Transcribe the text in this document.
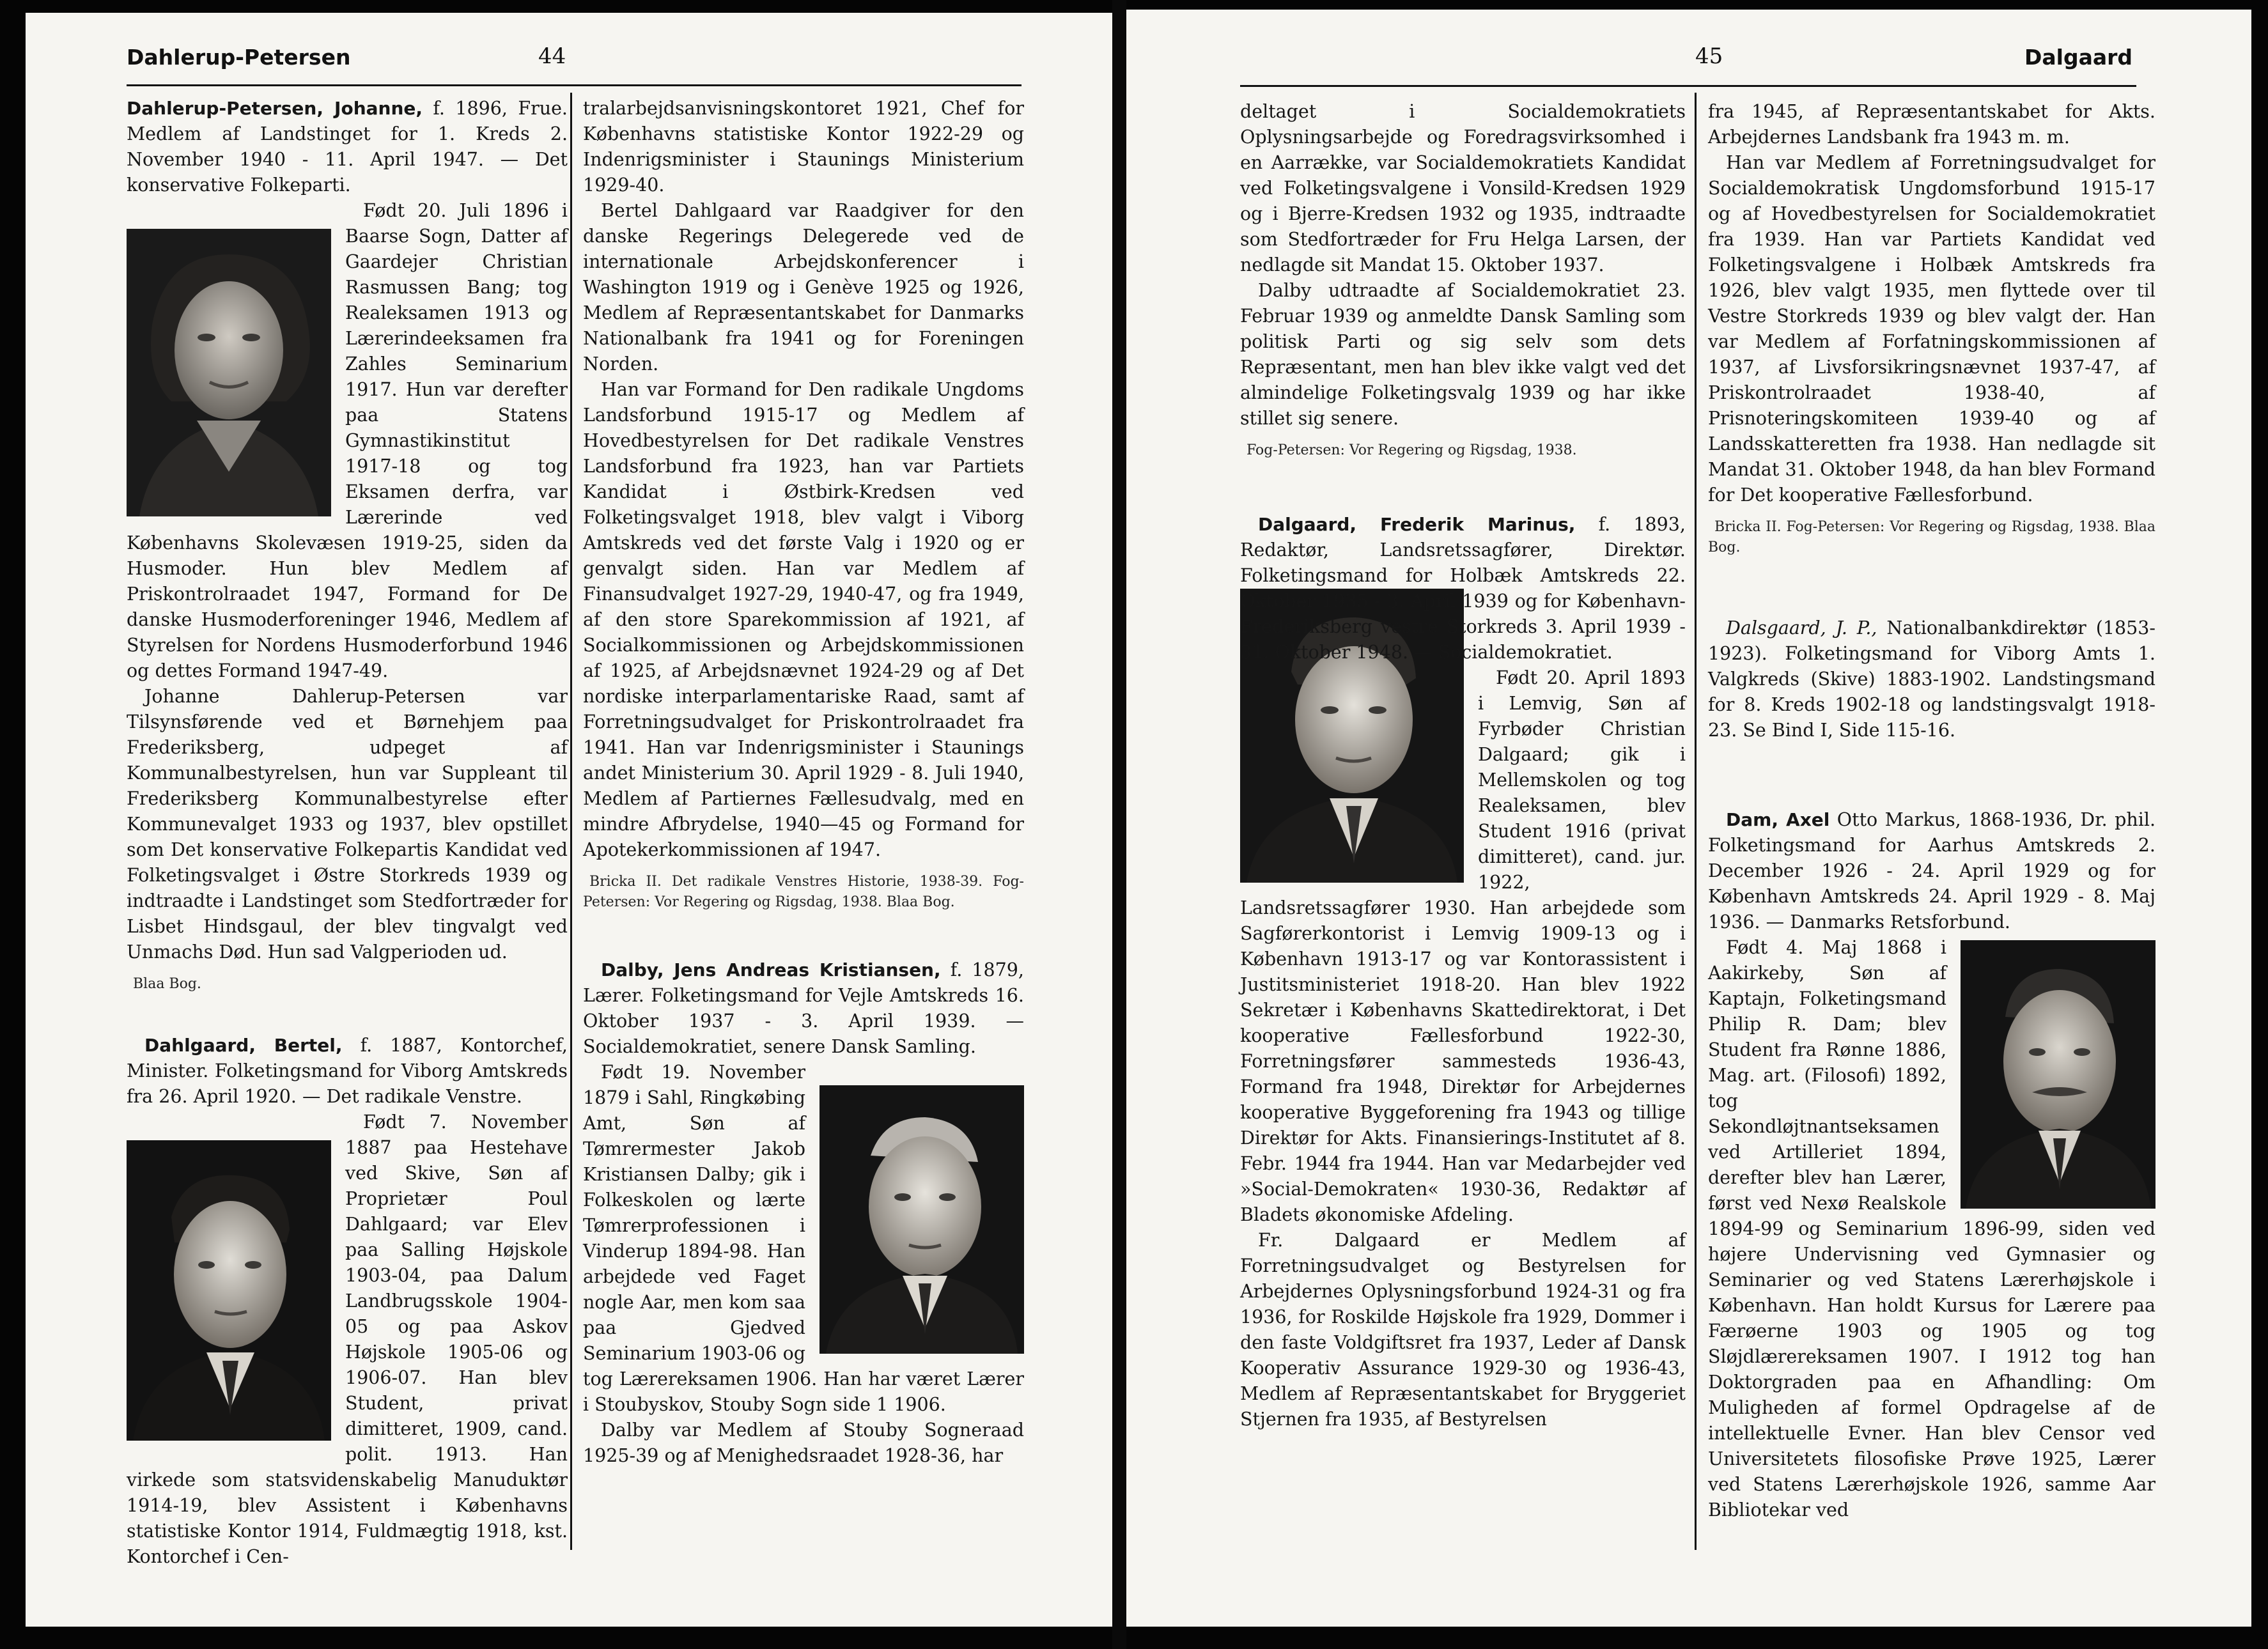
Dahlerup-Petersen	44

Dahlerup-Petersen, Johanne, f. 1896, Frue. Medlem af Landstinget for 1. Kreds 2. November 1940 - 11. April 1947. — Det konservative Folkeparti.

Født 20. Juli 1896 i Baarse Sogn, Datter af Gaardejer Christian Rasmussen Bang; tog Realeksamen 1913 og Lærerindeeksamen fra Zahles Seminarium 1917. Hun var derefter paa Statens Gymnastikinstitut 1917-18 og tog Eksamen derfra, var Lærerinde ved Københavns Skolevæsen 1919-25, siden da Husmoder. Hun blev Medlem af Priskontrolraadet 1947, Formand for De danske Husmoderforeninger 1946, Medlem af Styrelsen for Nordens Husmoderforbund 1946 og dettes Formand 1947-49.

Johanne Dahlerup-Petersen var Tilsynsførende ved et Børnehjem paa Frederiksberg, udpeget af Kommunalbestyrelsen, hun var Suppleant til Frederiksberg Kommunalbestyrelse efter Kommunevalget 1933 og 1937, blev opstillet som Det konservative Folkepartis Kandidat ved Folketingsvalget i Østre Storkreds 1939 og indtraadte i Landstinget som Stedfortræder for Lisbet Hindsgaul, der blev tingvalgt ved Unmachs Død. Hun sad Valgperioden ud.

Blaa Bog.

Dahlgaard, Bertel, f. 1887, Kontorchef, Minister. Folketingsmand for Viborg Amtskreds fra 26. April 1920. — Det radikale Venstre.

Født 7. November 1887 paa Hestehave ved Skive, Søn af Proprietær Poul Dahlgaard; var Elev paa Salling Højskole 1903-04, paa Dalum Landbrugsskole 1904-05 og paa Askov Højskole 1905-06 og 1906-07. Han blev Student, privat dimitteret, 1909, cand. polit. 1913. Han virkede som statsvidenskabelig Manuduktør 1914-19, blev Assistent i Københavns statistiske Kontor 1914, Fuldmægtig 1918, kst. Kontorchef i Cen-

tralarbejdsanvisningskontoret 1921, Chef for Københavns statistiske Kontor 1922-29 og Indenrigsminister i Staunings Ministerium 1929-40.

Bertel Dahlgaard var Raadgiver for den danske Regerings Delegerede ved de internationale Arbejdskonferencer i Washington 1919 og i Genève 1925 og 1926, Medlem af Repræsentantskabet for Danmarks Nationalbank fra 1941 og for Foreningen Norden.

Han var Formand for Den radikale Ungdoms Landsforbund 1915-17 og Medlem af Hovedbestyrelsen for Det radikale Venstres Landsforbund fra 1923, han var Partiets Kandidat i Østbirk-Kredsen ved Folketingsvalget 1918, blev valgt i Viborg Amtskreds ved det første Valg i 1920 og er genvalgt siden. Han var Medlem af Finansudvalget 1927-29, 1940-47, og fra 1949, af den store Sparekommission af 1921, af Socialkommissionen og Arbejdskommissionen af 1925, af Arbejdsnævnet 1924-29 og af Det nordiske interparlamentariske Raad, samt af Forretningsudvalget for Priskontrolraadet fra 1941. Han var Indenrigsminister i Staunings andet Ministerium 30. April 1929 - 8. Juli 1940, Medlem af Partiernes Fællesudvalg, med en mindre Afbrydelse, 1940—45 og Formand for Apotekerkommissionen af 1947.

Bricka II. Det radikale Venstres Historie, 1938-39. Fog-Petersen: Vor Regering og Rigsdag, 1938. Blaa Bog.

Dalby, Jens Andreas Kristiansen, f. 1879, Lærer. Folketingsmand for Vejle Amtskreds 16. Oktober 1937 - 3. April 1939. — Socialdemokratiet, senere Dansk Samling.

Født 19. November 1879 i Sahl, Ringkøbing Amt, Søn af Tømrermester Jakob Kristiansen Dalby; gik i Folkeskolen og lærte Tømrerprofessionen i Vinderup 1894-98. Han arbejdede ved Faget nogle Aar, men kom saa paa Gjedved Seminarium 1903-06 og tog Lærereksamen 1906. Han har været Lærer i Stoubyskov, Stouby Sogn side 1 1906.

Dalby var Medlem af Stouby Sogneraad 1925-39 og af Menighedsraadet 1928-36, har

45	Dalgaard

deltaget i Socialdemokratiets Oplysningsarbejde og Foredragsvirksomhed i en Aarrække, var Socialdemokratiets Kandidat ved Folketingsvalgene i Vonsild-Kredsen 1929 og i Bjerre-Kredsen 1932 og 1935, indtraadte som Stedfortræder for Fru Helga Larsen, der nedlagde sit Mandat 15. Oktober 1937.

Dalby udtraadte af Socialdemokratiet 23. Februar 1939 og anmeldte Dansk Samling som politisk Parti og sig selv som dets Repræsentant, men han blev ikke valgt ved det almindelige Folketingsvalg 1939 og har ikke stillet sig senere.

Fog-Petersen: Vor Regering og Rigsdag, 1938.

Dalgaard, Frederik Marinus, f. 1893, Redaktør, Landsretssagfører, Direktør. Folketingsmand for Holbæk Amtskreds 22. Oktober 1935 - 3. April 1939 og for København-Frederiksberg vestre Storkreds 3. April 1939 - 31. Oktober 1948. — Socialdemokratiet.

Født 20. April 1893 i Lemvig, Søn af Fyrbøder Christian Dalgaard; gik i Mellemskolen og tog Realeksamen, blev Student 1916 (privat dimitteret), cand. jur. 1922, Landsretssagfører 1930. Han arbejdede som Sagførerkontorist i Lemvig 1909-13 og i København 1913-17 og var Kontorassistent i Justitsministeriet 1918-20. Han blev 1922 Sekretær i Københavns Skattedirektorat, i Det kooperative Fællesforbund 1922-30, Forretningsfører sammesteds 1936-43, Formand fra 1948, Direktør for Arbejdernes kooperative Byggeforening fra 1943 og tillige Direktør for Akts. Finansierings-Institutet af 8. Febr. 1944 fra 1944. Han var Medarbejder ved »Social-Demokraten« 1930-36, Redaktør af Bladets økonomiske Afdeling.

Fr. Dalgaard er Medlem af Forretningsudvalget og Bestyrelsen for Arbejdernes Oplysningsforbund 1924-31 og fra 1936, for Roskilde Højskole fra 1929, Dommer i den faste Voldgiftsret fra 1937, Leder af Dansk Kooperativ Assurance 1929-30 og 1936-43, Medlem af Repræsentantskabet for Bryggeriet Stjernen fra 1935, af Bestyrelsen

fra 1945, af Repræsentantskabet for Akts. Arbejdernes Landsbank fra 1943 m. m.

Han var Medlem af Forretningsudvalget for Socialdemokratisk Ungdomsforbund 1915-17 og af Hovedbestyrelsen for Socialdemokratiet fra 1939. Han var Partiets Kandidat ved Folketingsvalgene i Holbæk Amtskreds fra 1926, blev valgt 1935, men flyttede over til Vestre Storkreds 1939 og blev valgt der. Han var Medlem af Forfatningskommissionen af 1937, af Livsforsikringsnævnet 1937-47, af Priskontrolraadet 1938-40, af Prisnoteringskomiteen 1939-40 og af Landsskatteretten fra 1938. Han nedlagde sit Mandat 31. Oktober 1948, da han blev Formand for Det kooperative Fællesforbund.

Bricka II. Fog-Petersen: Vor Regering og Rigsdag, 1938. Blaa Bog.

Dalsgaard, J. P., Nationalbankdirektør (1853-1923). Folketingsmand for Viborg Amts 1. Valgkreds (Skive) 1883-1902. Landstingsmand for 8. Kreds 1902-18 og landstingsvalgt 1918-23. Se Bind I, Side 115-16.

Dam, Axel Otto Markus, 1868-1936, Dr. phil. Folketingsmand for Aarhus Amtskreds 2. December 1926 - 24. April 1929 og for København Amtskreds 24. April 1929 - 8. Maj 1936. — Danmarks Retsforbund.

Født 4. Maj 1868 i Aakirkeby, Søn af Kaptajn, Folketingsmand Philip R. Dam; blev Student fra Rønne 1886, Mag. art. (Filosofi) 1892, tog Sekondløjtnantseksamen ved Artilleriet 1894, derefter blev han Lærer, først ved Nexø Realskole 1894-99 og Seminarium 1896-99, siden ved højere Undervisning ved Gymnasier og Seminarier og ved Statens Lærerhøjskole i København. Han holdt Kursus for Lærere paa Færøerne 1903 og 1905 og tog Sløjdlærereksamen 1907. I 1912 tog han Doktorgraden paa en Afhandling: Om Muligheden af formel Opdragelse af de intellektuelle Evner. Han blev Censor ved Universitetets filosofiske Prøve 1925, Lærer ved Statens Lærerhøjskole 1926, samme Aar Bibliotekar ved
